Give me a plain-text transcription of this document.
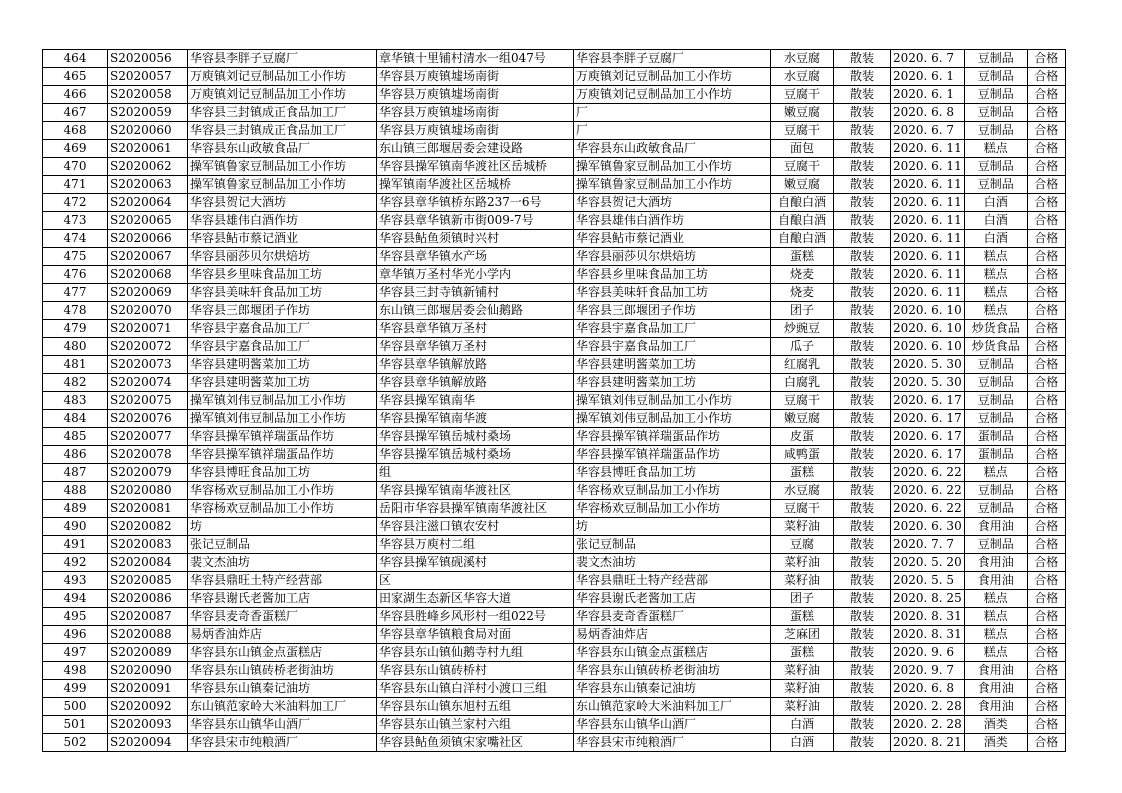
464	S2020056	华容县李胖子豆腐厂	章华镇十里铺村清水一组047号	华容县李胖子豆腐厂	水豆腐	散装	2020. 6. 7	豆制品	合格
465	S2020057	万庾镇刘记豆制品加工小作坊	华容县万庾镇墟场南街	万庾镇刘记豆制品加工小作坊	水豆腐	散装	2020. 6. 1	豆制品	合格
466	S2020058	万庾镇刘记豆制品加工小作坊	华容县万庾镇墟场南街	万庾镇刘记豆制品加工小作坊	豆腐干	散装	2020. 6. 1	豆制品	合格
467	S2020059	华容县三封镇成正食品加工厂	华容县万庾镇墟场南街	厂	嫩豆腐	散装	2020. 6. 8	豆制品	合格
468	S2020060	华容县三封镇成正食品加工厂	华容县万庾镇墟场南街	厂	豆腐干	散装	2020. 6. 7	豆制品	合格
469	S2020061	华容县东山政敏食品厂	东山镇三郎堰居委会建设路	华容县东山政敏食品厂	面包	散装	2020. 6. 11	糕点	合格
470	S2020062	操军镇鲁家豆制品加工小作坊	华容县操军镇南华渡社区岳城桥	操军镇鲁家豆制品加工小作坊	豆腐干	散装	2020. 6. 11	豆制品	合格
471	S2020063	操军镇鲁家豆制品加工小作坊	操军镇南华渡社区岳城桥	操军镇鲁家豆制品加工小作坊	嫩豆腐	散装	2020. 6. 11	豆制品	合格
472	S2020064	华容县贺记大酒坊	华容县章华镇桥东路237一6号	华容县贺记大酒坊	自酿白酒	散装	2020. 6. 11	白酒	合格
473	S2020065	华容县雄伟白酒作坊	华容县章华镇新市街009-7号	华容县雄伟白酒作坊	自酿白酒	散装	2020. 6. 11	白酒	合格
474	S2020066	华容县鲇市蔡记酒业	华容县鲇鱼须镇时兴村	华容县鲇市蔡记酒业	自酿白酒	散装	2020. 6. 11	白酒	合格
475	S2020067	华容县丽莎贝尔烘焙坊	华容县章华镇水产场	华容县丽莎贝尔烘焙坊	蛋糕	散装	2020. 6. 11	糕点	合格
476	S2020068	华容县乡里味食品加工坊	章华镇万圣村华光小学内	华容县乡里味食品加工坊	烧麦	散装	2020. 6. 11	糕点	合格
477	S2020069	华容县美味轩食品加工坊	华容县三封寺镇新铺村	华容县美味轩食品加工坊	烧麦	散装	2020. 6. 11	糕点	合格
478	S2020070	华容县三郎堰团子作坊	东山镇三郎堰居委会仙鹅路	华容县三郎堰团子作坊	团子	散装	2020. 6. 10	糕点	合格
479	S2020071	华容县宇嘉食品加工厂	华容县章华镇万圣村	华容县宇嘉食品加工厂	炒豌豆	散装	2020. 6. 10	炒货食品	合格
480	S2020072	华容县宇嘉食品加工厂	华容县章华镇万圣村	华容县宇嘉食品加工厂	瓜子	散装	2020. 6. 10	炒货食品	合格
481	S2020073	华容县建明酱菜加工坊	华容县章华镇解放路	华容县建明酱菜加工坊	红腐乳	散装	2020. 5. 30	豆制品	合格
482	S2020074	华容县建明酱菜加工坊	华容县章华镇解放路	华容县建明酱菜加工坊	白腐乳	散装	2020. 5. 30	豆制品	合格
483	S2020075	操军镇刘伟豆制品加工小作坊	华容县操军镇南华	操军镇刘伟豆制品加工小作坊	豆腐干	散装	2020. 6. 17	豆制品	合格
484	S2020076	操军镇刘伟豆制品加工小作坊	华容县操军镇南华渡	操军镇刘伟豆制品加工小作坊	嫩豆腐	散装	2020. 6. 17	豆制品	合格
485	S2020077	华容县操军镇祥瑞蛋品作坊	华容县操军镇岳城村桑场	华容县操军镇祥瑞蛋品作坊	皮蛋	散装	2020. 6. 17	蛋制品	合格
486	S2020078	华容县操军镇祥瑞蛋品作坊	华容县操军镇岳城村桑场	华容县操军镇祥瑞蛋品作坊	咸鸭蛋	散装	2020. 6. 17	蛋制品	合格
487	S2020079	华容县博旺食品加工坊	组	华容县博旺食品加工坊	蛋糕	散装	2020. 6. 22	糕点	合格
488	S2020080	华容杨欢豆制品加工小作坊	华容县操军镇南华渡社区	华容杨欢豆制品加工小作坊	水豆腐	散装	2020. 6. 22	豆制品	合格
489	S2020081	华容杨欢豆制品加工小作坊	岳阳市华容县操军镇南华渡社区	华容杨欢豆制品加工小作坊	豆腐干	散装	2020. 6. 22	豆制品	合格
490	S2020082	坊	华容县注滋口镇农安村	坊	菜籽油	散装	2020. 6. 30	食用油	合格
491	S2020083	张记豆制品	华容县万庾村二组	张记豆制品	豆腐	散装	2020. 7. 7	豆制品	合格
492	S2020084	裴文杰油坊	华容县操军镇砚溪村	裴文杰油坊	菜籽油	散装	2020. 5. 20	食用油	合格
493	S2020085	华容县鼎旺土特产经营部	区	华容县鼎旺土特产经营部	菜籽油	散装	2020. 5. 5	食用油	合格
494	S2020086	华容县谢氏老酱加工店	田家湖生态新区华容大道	华容县谢氏老酱加工店	团子	散装	2020. 8. 25	糕点	合格
495	S2020087	华容县麦奇香蛋糕厂	华容县胜峰乡风形村一组022号	华容县麦奇香蛋糕厂	蛋糕	散装	2020. 8. 31	糕点	合格
496	S2020088	易炳香油炸店	华容县章华镇粮食局对面	易炳香油炸店	芝麻团	散装	2020. 8. 31	糕点	合格
497	S2020089	华容县东山镇金点蛋糕店	华容县东山镇仙鹅寺村九组	华容县东山镇金点蛋糕店	蛋糕	散装	2020. 9. 6	糕点	合格
498	S2020090	华容县东山镇砖桥老街油坊	华容县东山镇砖桥村	华容县东山镇砖桥老街油坊	菜籽油	散装	2020. 9. 7	食用油	合格
499	S2020091	华容县东山镇秦记油坊	华容县东山镇白洋村小渡口三组	华容县东山镇秦记油坊	菜籽油	散装	2020. 6. 8	食用油	合格
500	S2020092	东山镇范家岭大米油料加工厂	华容县东山镇东旭村五组	东山镇范家岭大米油料加工厂	菜籽油	散装	2020. 2. 28	食用油	合格
501	S2020093	华容县东山镇华山酒厂	华容县东山镇兰家村六组	华容县东山镇华山酒厂	白酒	散装	2020. 2. 28	酒类	合格
502	S2020094	华容县宋市纯粮酒厂	华容县鲇鱼须镇宋家嘴社区	华容县宋市纯粮酒厂	白酒	散装	2020. 8. 21	酒类	合格
